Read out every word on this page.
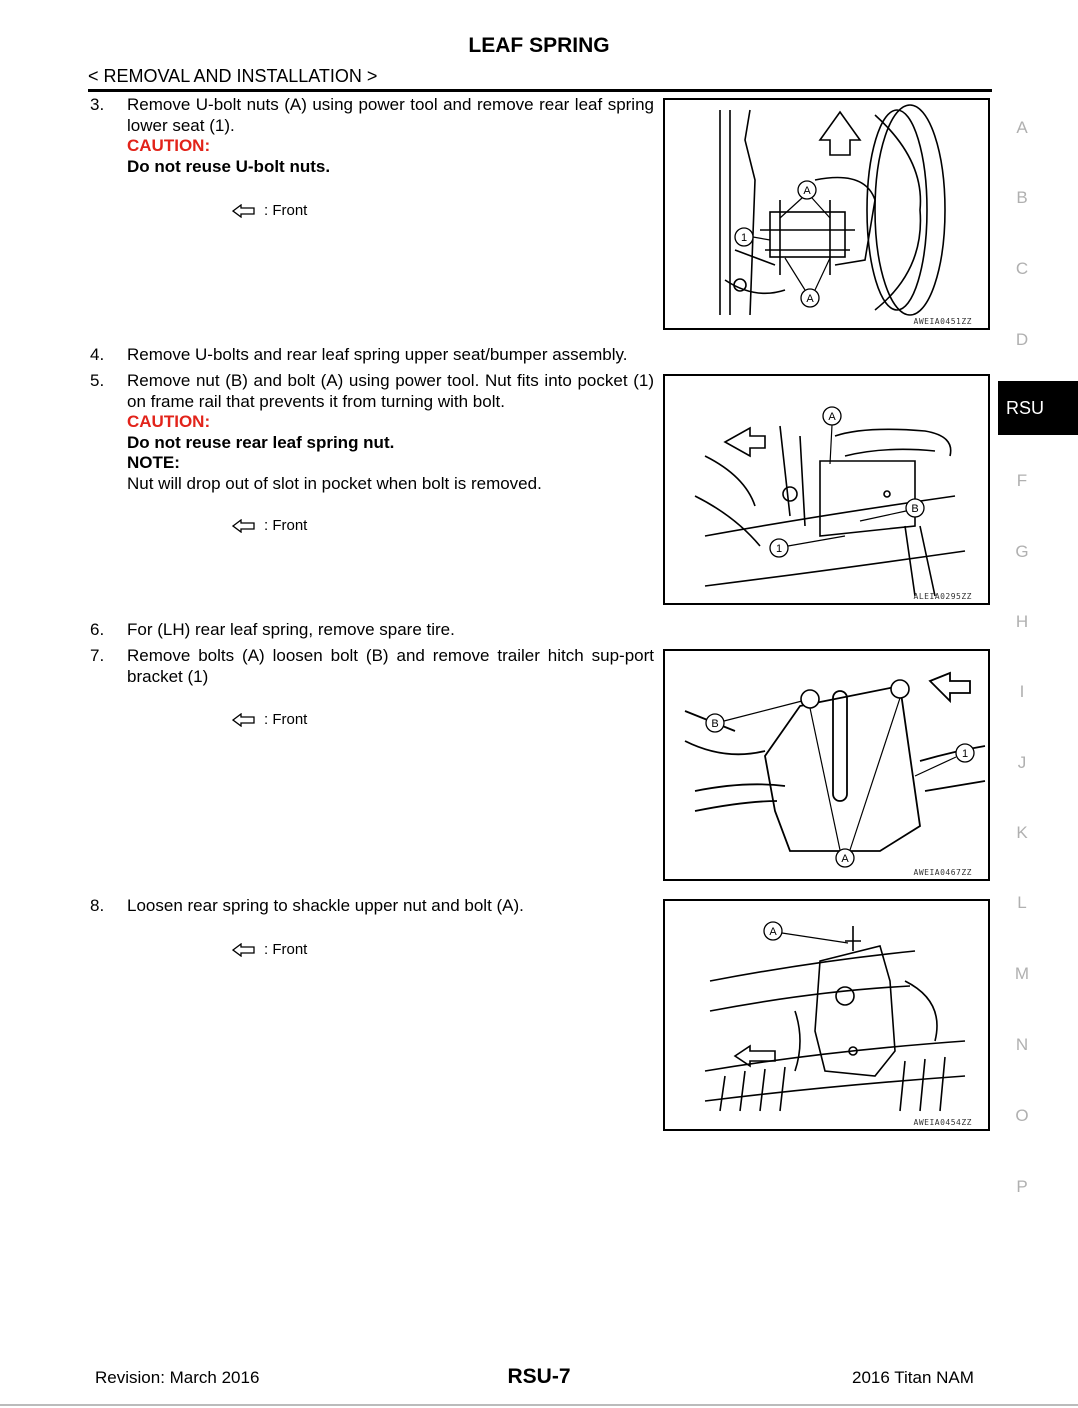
LEAF SPRING
< REMOVAL AND INSTALLATION >
3.	Remove U-bolt nuts (A) using power tool and remove rear leaf spring lower seat (1).
CAUTION:
Do not reuse U-bolt nuts.
: Front
A
1
A
AWEIA0451ZZ
4.	Remove U-bolts and rear leaf spring upper seat/bumper assembly.
5.	Remove nut (B) and bolt (A) using power tool. Nut fits into pocket (1) on frame rail that prevents it from turning with bolt.
CAUTION:
Do not reuse rear leaf spring nut.
NOTE:
Nut will drop out of slot in pocket when bolt is removed.
: Front
A
B
1
ALEIA0295ZZ
6.	For (LH) rear leaf spring, remove spare tire.
7.	Remove bolts (A) loosen bolt (B) and remove trailer hitch sup-port bracket (1)
: Front	B
1
A
AWEIA0467ZZ
8.	Loosen rear spring to shackle upper nut and bolt (A).
: Front
A
AWEIA0454ZZ
A
B
C
D
RSU
F
G
H
I
J
K
L
M
N
O
P
Revision: March 2016	RSU-7	2016 Titan NAM
